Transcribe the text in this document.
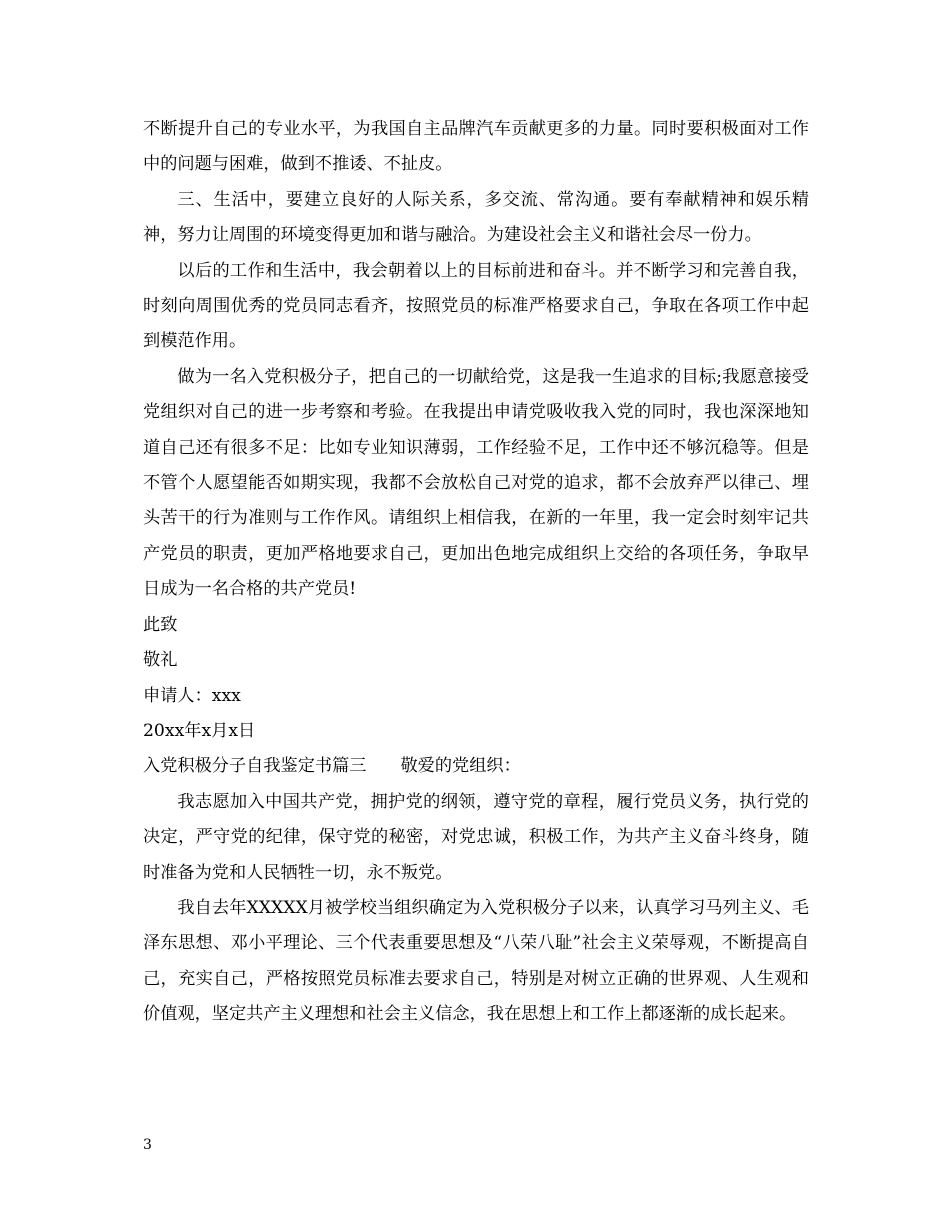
不断提升自己的专业水平，为我国自主品牌汽车贡献更多的力量。同时要积极面对工作中的问题与困难，做到不推诿、不扯皮。

三、生活中，要建立良好的人际关系，多交流、常沟通。要有奉献精神和娱乐精神，努力让周围的环境变得更加和谐与融洽。为建设社会主义和谐社会尽一份力。

以后的工作和生活中，我会朝着以上的目标前进和奋斗。并不断学习和完善自我，时刻向周围优秀的党员同志看齐，按照党员的标准严格要求自己，争取在各项工作中起到模范作用。

做为一名入党积极分子，把自己的一切献给党，这是我一生追求的目标;我愿意接受党组织对自己的进一步考察和考验。在我提出申请党吸收我入党的同时，我也深深地知道自己还有很多不足：比如专业知识薄弱，工作经验不足，工作中还不够沉稳等。但是不管个人愿望能否如期实现，我都不会放松自己对党的追求，都不会放弃严以律己、埋头苦干的行为准则与工作作风。请组织上相信我，在新的一年里，我一定会时刻牢记共产党员的职责，更加严格地要求自己，更加出色地完成组织上交给的各项任务，争取早日成为一名合格的共产党员!

此致

敬礼

申请人：xxx

20xx年x月x日

入党积极分子自我鉴定书篇三 敬爱的党组织：

我志愿加入中国共产党，拥护党的纲领，遵守党的章程，履行党员义务，执行党的决定，严守党的纪律，保守党的秘密，对党忠诚，积极工作，为共产主义奋斗终身，随时准备为党和人民牺牲一切，永不叛党。

我自去年XXXXX月被学校当组织确定为入党积极分子以来，认真学习马列主义、毛泽东思想、邓小平理论、三个代表重要思想及“八荣八耻”社会主义荣辱观，不断提高自己，充实自己，严格按照党员标准去要求自己，特别是对树立正确的世界观、人生观和价值观，坚定共产主义理想和社会主义信念，我在思想上和工作上都逐渐的成长起来。

3
